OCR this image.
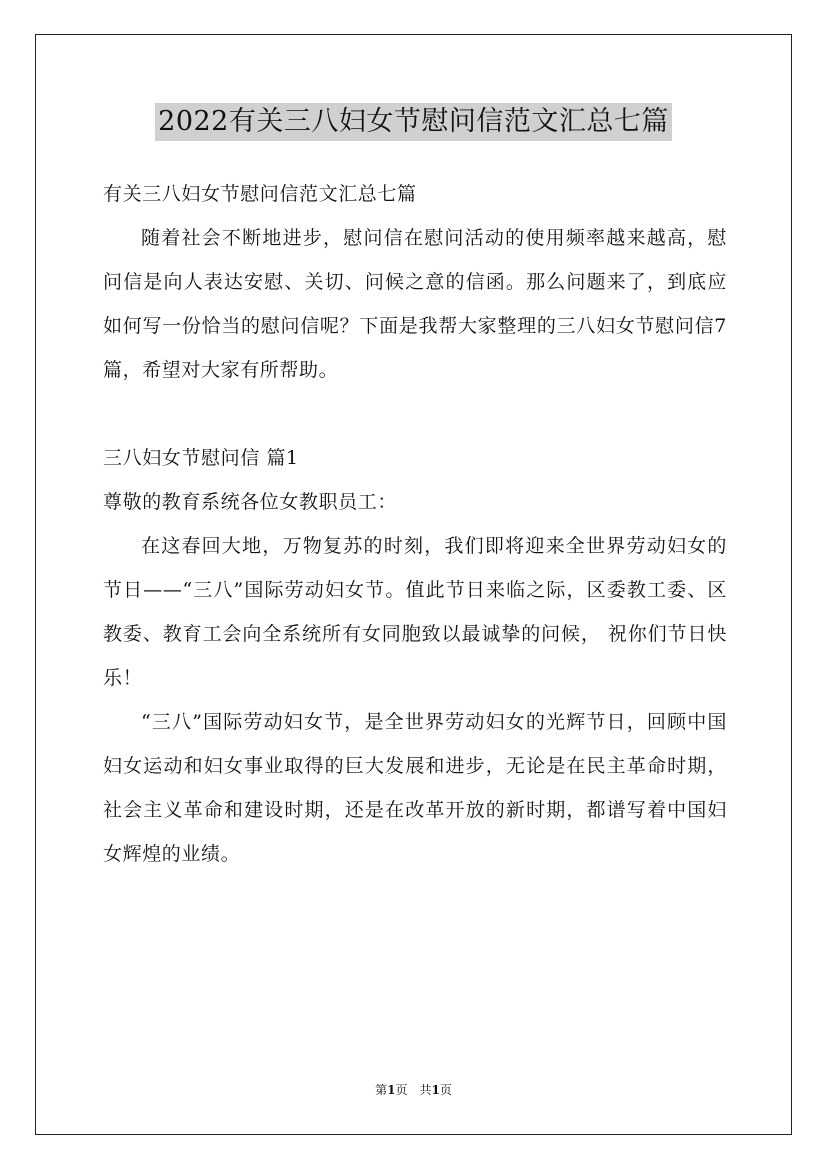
2022有关三八妇女节慰问信范文汇总七篇

有关三八妇女节慰问信范文汇总七篇

随着社会不断地进步，慰问信在慰问活动的使用频率越来越高，慰问信是向人表达安慰、关切、问候之意的信函。那么问题来了，到底应如何写一份恰当的慰问信呢？下面是我帮大家整理的三八妇女节慰问信7篇，希望对大家有所帮助。

三八妇女节慰问信 篇1

尊敬的教育系统各位女教职员工：

在这春回大地，万物复苏的时刻，我们即将迎来全世界劳动妇女的节日——“三八”国际劳动妇女节。值此节日来临之际，区委教工委、区教委、教育工会向全系统所有女同胞致以最诚挚的问候， 祝你们节日快乐！

“三八”国际劳动妇女节，是全世界劳动妇女的光辉节日，回顾中国妇女运动和妇女事业取得的巨大发展和进步，无论是在民主革命时期，社会主义革命和建设时期，还是在改革开放的新时期，都谱写着中国妇女辉煌的业绩。

第1页　共1页
